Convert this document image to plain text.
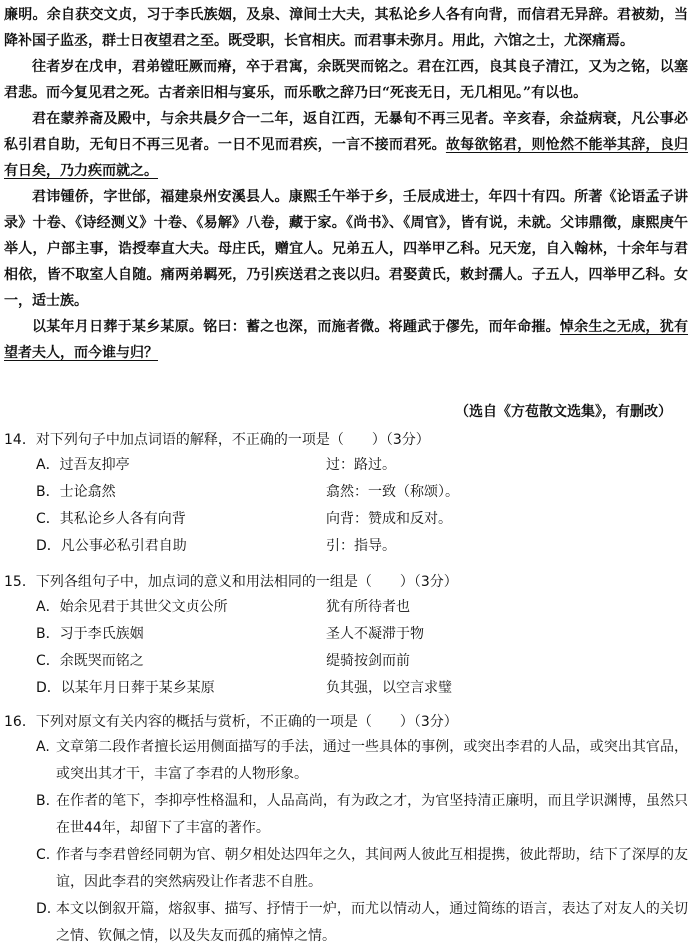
廉明。余自获交文贞，习于李氏族姻，及泉、漳间士大夫，其私论乡人各有向背，而信君无异辞。君被劾，当降补国子监丞，群士日夜望君之至。既受职，长官相庆。而君事未弥月。用此，六馆之士，尤深痛焉。

往者岁在戊申，君弟镗旺厥而瘠，卒于君寓，余既哭而铭之。君在江西，良其良子清江，又为之铭，以塞君悲。而今复见君之死。古者亲旧相与宴乐，而乐歌之辞乃曰“死丧无日，无几相见。”有以也。

君在蒙养斋及殿中，与余共晨夕合一二年，返自江西，无暴旬不再三见者。辛亥春，余益病衰，凡公事必私引君自助，无旬日不再三见者。一日不见而君疾，一言不接而君死。故每欲铭君，则怆然不能举其辞，良归有日矣，乃力疾而就之。

君讳锺侨，字世邰，福建泉州安溪县人。康熙壬午举于乡，壬辰成进士，年四十有四。所著《论语孟子讲录》十卷、《诗经测义》十卷、《易解》八卷，藏于家。《尚书》、《周官》，皆有说，未就。父讳鼎徵，康熙庚午举人，户部主事，诰授奉直大夫。母庄氏，赠宜人。兄弟五人，四举甲乙科。兄天宠，自入翰林，十余年与君相依，皆不取室人自随。痛两弟羁死，乃引疾送君之丧以归。君娶黄氏，敕封孺人。子五人，四举甲乙科。女一，适士族。

以某年月日葬于某乡某原。铭曰：蓄之也深，而施者微。将踵武于僇先，而年命摧。悼余生之无成，犹有望者夫人，而今谁与归？

（选自《方苞散文选集》，有删改）
14．对下列句子中加点词语的解释，不正确的一项是（　　）（3分）
A．过吾友抑亭	过：路过。
B．士论翕然	翕然：一致（称颂）。
C．其私论乡人各有向背	向背：赞成和反对。
D．凡公事必私引君自助	引：指导。
15．下列各组句子中，加点词的意义和用法相同的一组是（　　）（3分）
A．始余见君于其世父文贞公所	犹有所待者也
B．习于李氏族姻	圣人不凝滞于物
C．余既哭而铭之	缇骑按剑而前
D．以某年月日葬于某乡某原	负其强，以空言求璧
16．下列对原文有关内容的概括与赏析，不正确的一项是（　　）（3分）
A. 文章第二段作者擅长运用侧面描写的手法，通过一些具体的事例，或突出李君的人品，或突出其官品，或突出其才干，丰富了李君的人物形象。
B. 在作者的笔下，李抑亭性格温和，人品高尚，有为政之才，为官坚持清正廉明，而且学识渊博，虽然只在世44年，却留下了丰富的著作。
C. 作者与李君曾经同朝为官、朝夕相处达四年之久，其间两人彼此互相提携，彼此帮助，结下了深厚的友谊，因此李君的突然病殁让作者悲不自胜。
D. 本文以倒叙开篇，熔叙事、描写、抒情于一炉，而尤以情动人，通过简练的语言，表达了对友人的关切之情、钦佩之情，以及失友而孤的痛悼之情。
